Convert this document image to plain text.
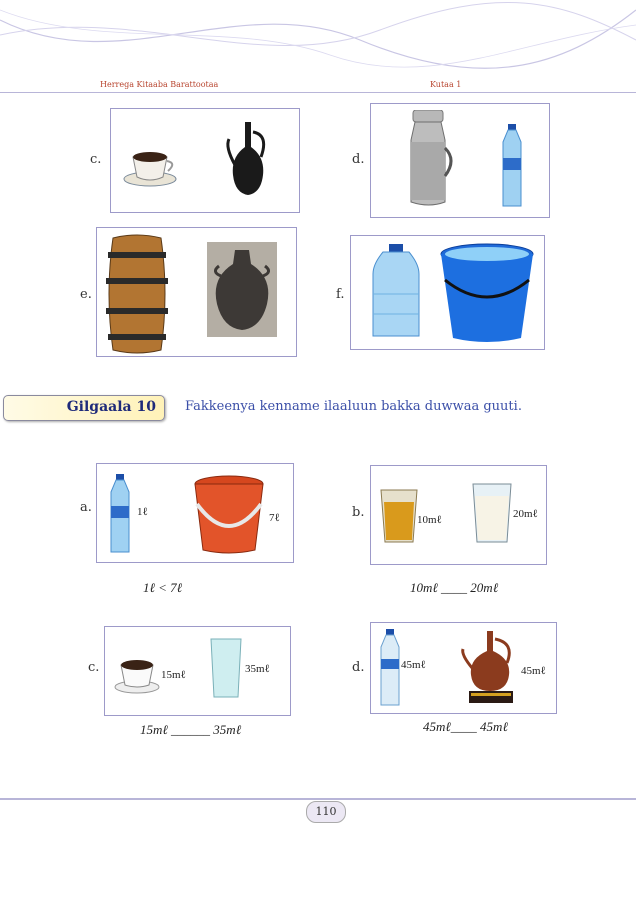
Herrega Kitaaba Barattootaa	Kutaa 1
c.	d.
e.	f.
Gilgaala 10 Fakkeenya kenname ilaaluun bakka duwwaa guuti.
a.	1ℓ	7ℓ
1ℓ < 7ℓ
b.	10mℓ	20mℓ
10mℓ ____ 20mℓ
c.	15mℓ	35mℓ
15mℓ ______ 35mℓ
d.	45mℓ	45mℓ
45mℓ____ 45mℓ
110
